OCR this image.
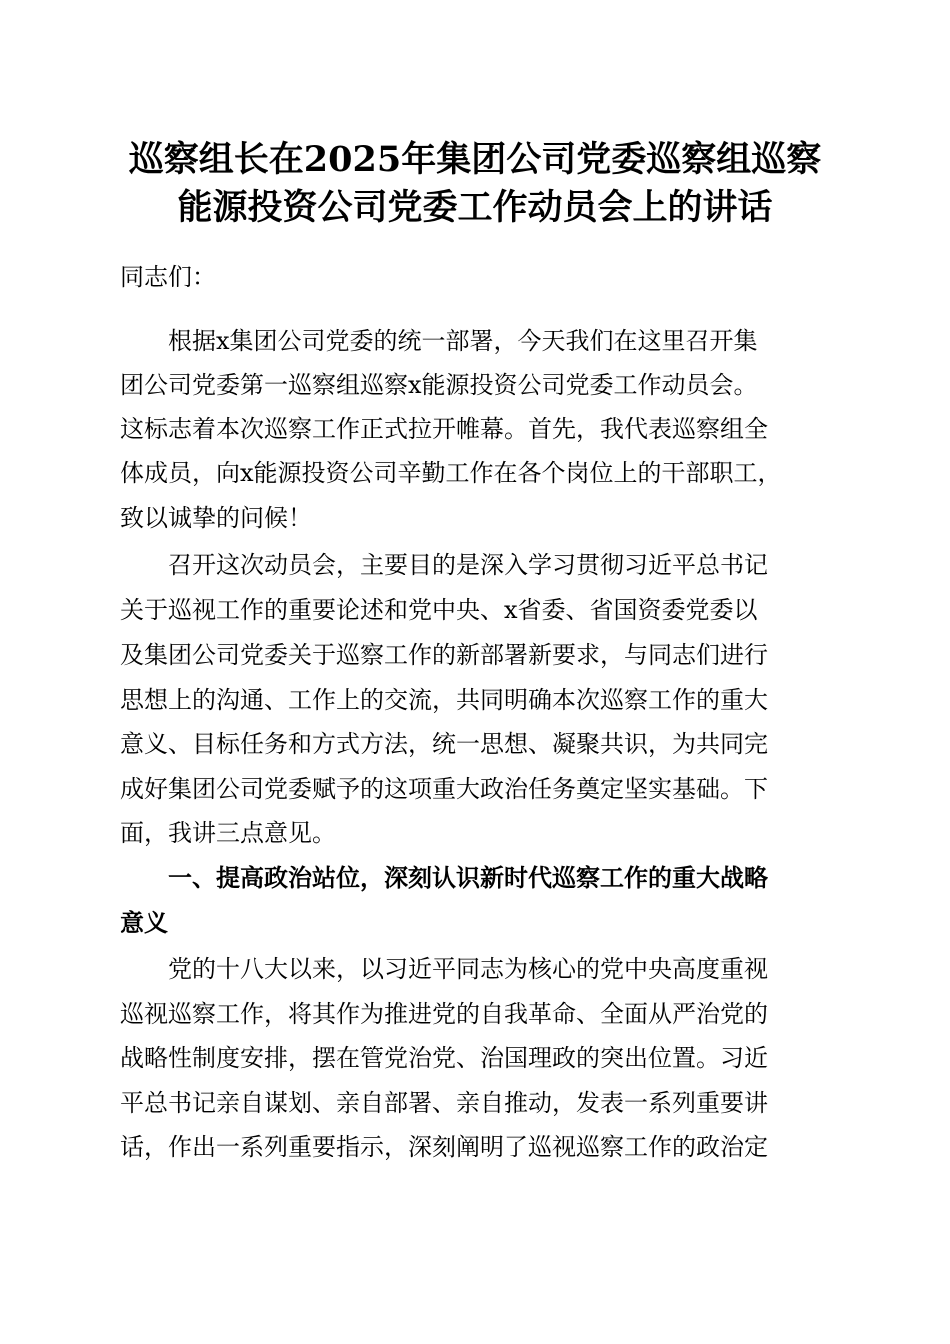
巡察组长在2025年集团公司党委巡察组巡察
能源投资公司党委工作动员会上的讲话
同志们：
根据x集团公司党委的统一部署，今天我们在这里召开集
团公司党委第一巡察组巡察x能源投资公司党委工作动员会。
这标志着本次巡察工作正式拉开帷幕。首先，我代表巡察组全
体成员，向x能源投资公司辛勤工作在各个岗位上的干部职工，
致以诚挚的问候！
召开这次动员会，主要目的是深入学习贯彻习近平总书记
关于巡视工作的重要论述和党中央、x省委、省国资委党委以
及集团公司党委关于巡察工作的新部署新要求，与同志们进行
思想上的沟通、工作上的交流，共同明确本次巡察工作的重大
意义、目标任务和方式方法，统一思想、凝聚共识，为共同完
成好集团公司党委赋予的这项重大政治任务奠定坚实基础。下
面，我讲三点意见。
一、提高政治站位，深刻认识新时代巡察工作的重大战略
意义
党的十八大以来，以习近平同志为核心的党中央高度重视
巡视巡察工作，将其作为推进党的自我革命、全面从严治党的
战略性制度安排，摆在管党治党、治国理政的突出位置。习近
平总书记亲自谋划、亲自部署、亲自推动，发表一系列重要讲
话，作出一系列重要指示，深刻阐明了巡视巡察工作的政治定
